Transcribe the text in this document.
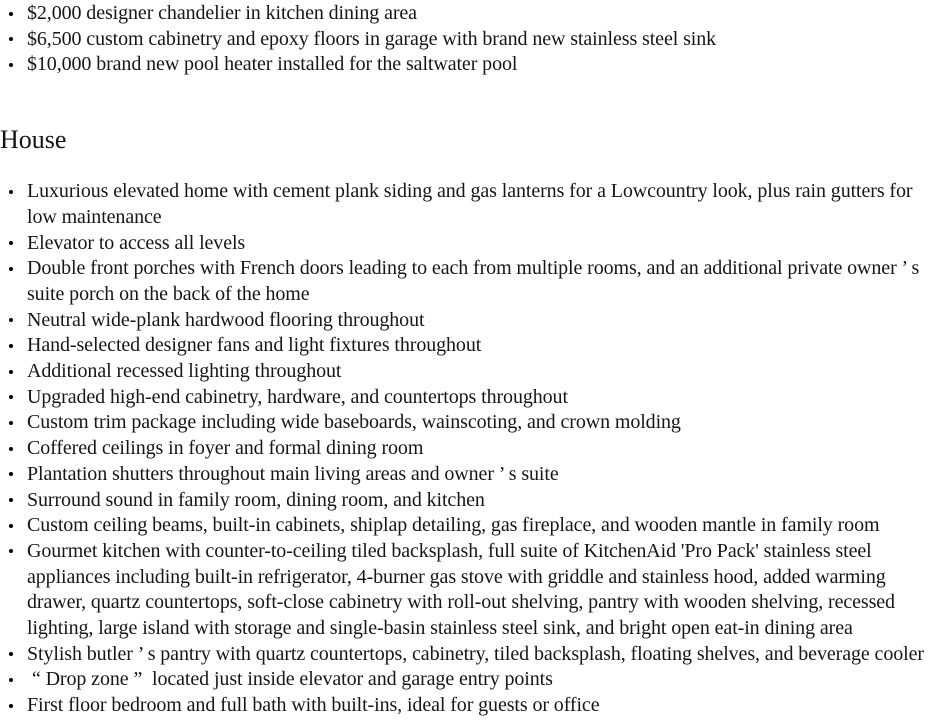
$2,000 designer chandelier in kitchen dining area
$6,500 custom cabinetry and epoxy floors in garage with brand new stainless steel sink
$10,000 brand new pool heater installed for the saltwater pool
House
Luxurious elevated home with cement plank siding and gas lanterns for a Lowcountry look, plus rain gutters for low maintenance
Elevator to access all levels
Double front porches with French doors leading to each from multiple rooms, and an additional private owner ’ s suite porch on the back of the home
Neutral wide-plank hardwood flooring throughout
Hand-selected designer fans and light fixtures throughout
Additional recessed lighting throughout
Upgraded high-end cabinetry, hardware, and countertops throughout
Custom trim package including wide baseboards, wainscoting, and crown molding
Coffered ceilings in foyer and formal dining room
Plantation shutters throughout main living areas and owner ’ s suite
Surround sound in family room, dining room, and kitchen
Custom ceiling beams, built-in cabinets, shiplap detailing, gas fireplace, and wooden mantle in family room
Gourmet kitchen with counter-to-ceiling tiled backsplash, full suite of KitchenAid 'Pro Pack' stainless steel appliances including built-in refrigerator, 4-burner gas stove with griddle and stainless hood, added warming drawer, quartz countertops, soft-close cabinetry with roll-out shelving, pantry with wooden shelving, recessed lighting, large island with storage and single-basin stainless steel sink, and bright open eat-in dining area
Stylish butler ’ s pantry with quartz countertops, cabinetry, tiled backsplash, floating shelves, and beverage cooler
“ Drop zone ”  located just inside elevator and garage entry points
First floor bedroom and full bath with built-ins, ideal for guests or office
